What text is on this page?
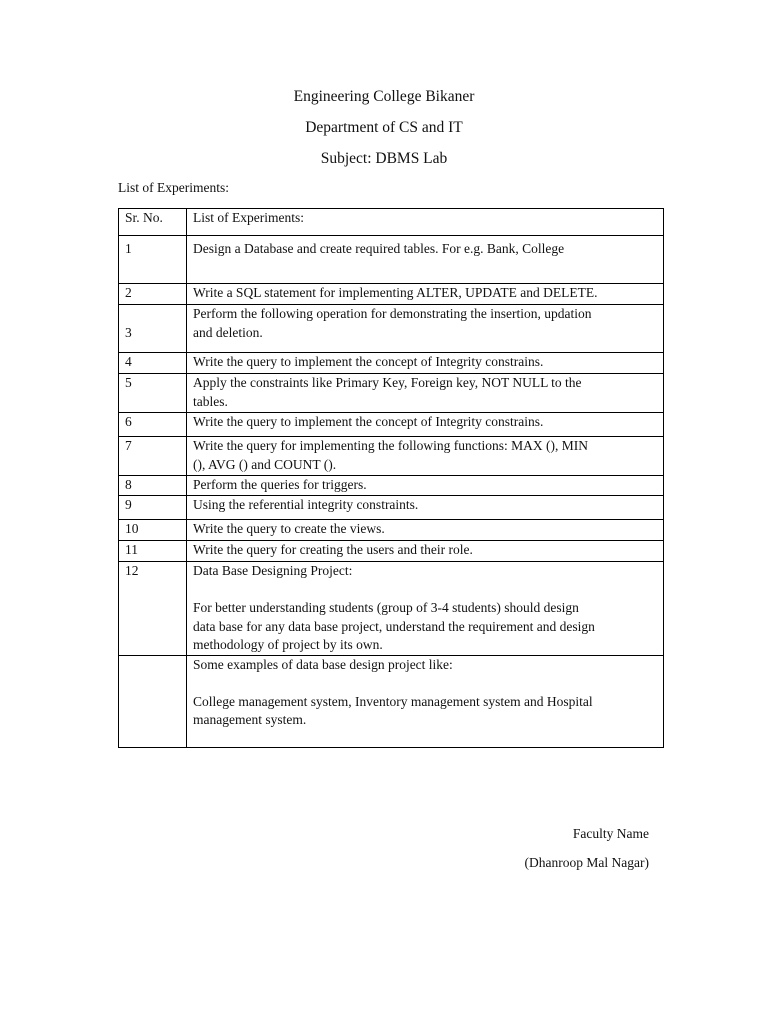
Engineering College Bikaner
Department of CS and IT
Subject: DBMS Lab
List of Experiments:
Sr. No.	List of Experiments:
1	Design a Database and create required tables. For e.g. Bank, College

2	Write a SQL statement for implementing ALTER, UPDATE and DELETE.

3	Perform the following operation for demonstrating the insertion, updation
and deletion.

4	Write the query to implement the concept of Integrity constrains.

5	Apply the constraints like Primary Key, Foreign key, NOT NULL to the
tables.

6	Write the query to implement the concept of Integrity constrains.

7	Write the query for implementing the following functions: MAX (), MIN
(), AVG () and COUNT ().

8	Perform the queries for triggers.

9	Using the referential integrity constraints.

10	Write the query to create the views.

11	Write the query for creating the users and their role.

12	Data Base Designing Project:
For better understanding students (group of 3-4 students) should design
data base for any data base project, understand the requirement and design
methodology of project by its own.

	Some examples of data base design project like:
College management system, Inventory management system and Hospital
management system.
Faculty Name
(Dhanroop Mal Nagar)
